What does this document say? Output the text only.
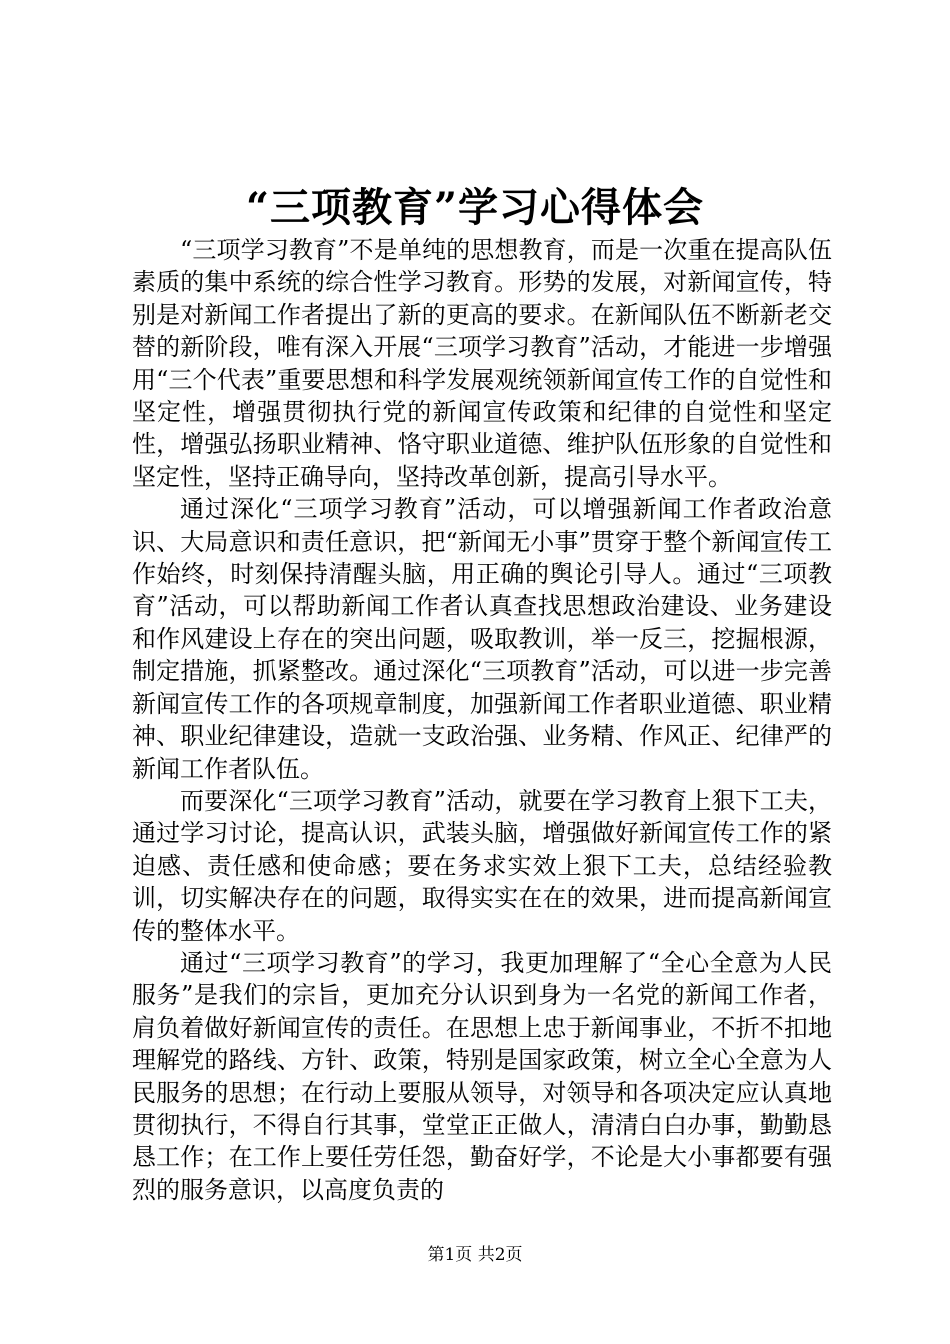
“三项教育”学习心得体会

“三项学习教育”不是单纯的思想教育，而是一次重在提高队伍素质的集中系统的综合性学习教育。形势的发展，对新闻宣传，特别是对新闻工作者提出了新的更高的要求。在新闻队伍不断新老交替的新阶段，唯有深入开展“三项学习教育”活动，才能进一步增强用“三个代表”重要思想和科学发展观统领新闻宣传工作的自觉性和坚定性，增强贯彻执行党的新闻宣传政策和纪律的自觉性和坚定性，增强弘扬职业精神、恪守职业道德、维护队伍形象的自觉性和坚定性，坚持正确导向，坚持改革创新，提高引导水平。

通过深化“三项学习教育”活动，可以增强新闻工作者政治意识、大局意识和责任意识，把“新闻无小事”贯穿于整个新闻宣传工作始终，时刻保持清醒头脑，用正确的舆论引导人。通过“三项教育”活动，可以帮助新闻工作者认真查找思想政治建设、业务建设和作风建设上存在的突出问题，吸取教训，举一反三，挖掘根源，制定措施，抓紧整改。通过深化“三项教育”活动，可以进一步完善新闻宣传工作的各项规章制度，加强新闻工作者职业道德、职业精神、职业纪律建设，造就一支政治强、业务精、作风正、纪律严的新闻工作者队伍。

而要深化“三项学习教育”活动，就要在学习教育上狠下工夫，通过学习讨论，提高认识，武装头脑，增强做好新闻宣传工作的紧迫感、责任感和使命感；要在务求实效上狠下工夫，总结经验教训，切实解决存在的问题，取得实实在在的效果，进而提高新闻宣传的整体水平。

通过“三项学习教育”的学习，我更加理解了“全心全意为人民服务”是我们的宗旨，更加充分认识到身为一名党的新闻工作者，肩负着做好新闻宣传的责任。在思想上忠于新闻事业，不折不扣地理解党的路线、方针、政策，特别是国家政策，树立全心全意为人民服务的思想；在行动上要服从领导，对领导和各项决定应认真地贯彻执行，不得自行其事，堂堂正正做人，清清白白办事，勤勤恳恳工作；在工作上要任劳任怨，勤奋好学，不论是大小事都要有强烈的服务意识，以高度负责的

第1页 共2页
